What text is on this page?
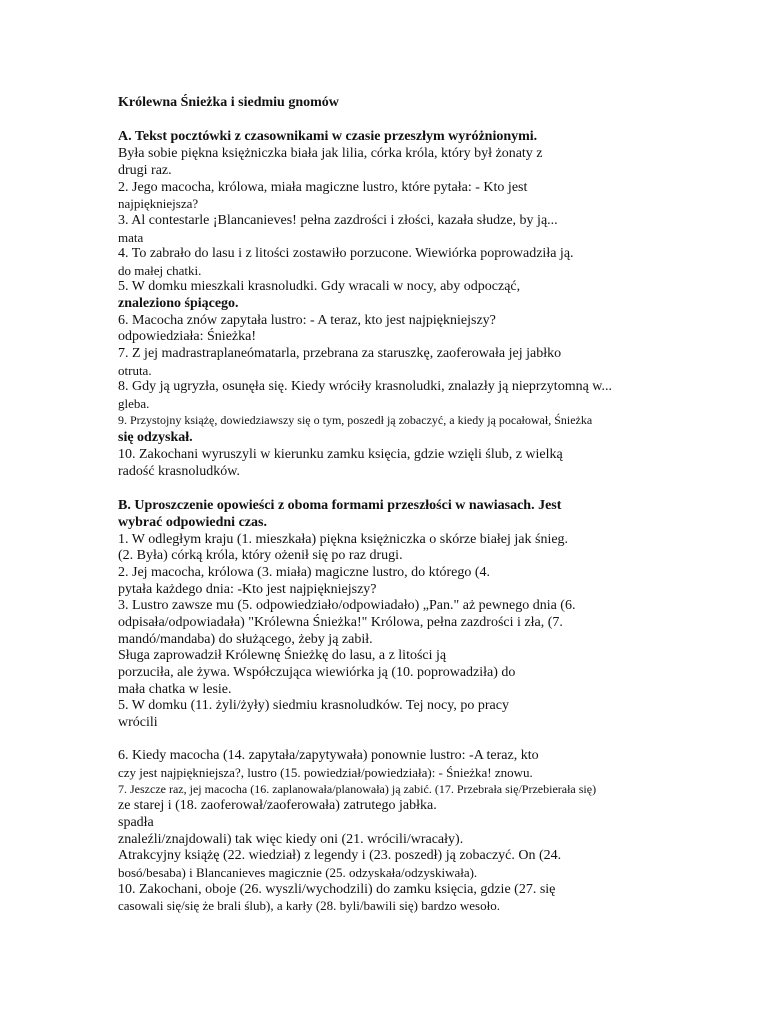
Królewna Śnieżka i siedmiu gnomów
A. Tekst pocztówki z czasownikami w czasie przeszłym wyróżnionymi.
Była sobie piękna księżniczka biała jak lilia, córka króla, który był żonaty z
drugi raz.
2. Jego macocha, królowa, miała magiczne lustro, które pytała: - Kto jest
najpiękniejsza?
3. Al contestarle ¡Blancanieves! pełna zazdrości i złości, kazała słudze, by ją...
mata
4. To zabrało do lasu i z litości zostawiło porzucone. Wiewiórka poprowadziła ją.
do małej chatki.
5. W domku mieszkali krasnoludki. Gdy wracali w nocy, aby odpocząć,
znaleziono śpiącego.
6. Macocha znów zapytała lustro: - A teraz, kto jest najpiękniejszy?
odpowiedziała: Śnieżka!
7. Z jej madrastraplaneómatarla, przebrana za staruszkę, zaoferowała jej jabłko
otruta.
8. Gdy ją ugryzła, osunęła się. Kiedy wróciły krasnoludki, znalazły ją nieprzytomną w...
gleba.
9. Przystojny książę, dowiedziawszy się o tym, poszedł ją zobaczyć, a kiedy ją pocałował, Śnieżka
się odzyskał.
10. Zakochani wyruszyli w kierunku zamku księcia, gdzie wzięli ślub, z wielką
radość krasnoludków.
B. Uproszczenie opowieści z oboma formami przeszłości w nawiasach. Jest
wybrać odpowiedni czas.
1. W odległym kraju (1. mieszkała) piękna księżniczka o skórze białej jak śnieg.
(2. Była) córką króla, który ożenił się po raz drugi.
2. Jej macocha, królowa (3. miała) magiczne lustro, do którego (4.
pytała każdego dnia: -Kto jest najpiękniejszy?
3. Lustro zawsze mu (5. odpowiedziało/odpowiadało) „Pan." aż pewnego dnia (6.
odpisała/odpowiadała) "Królewna Śnieżka!" Królowa, pełna zazdrości i zła, (7.
mandó/mandaba) do służącego, żeby ją zabił.
Sługa zaprowadził Królewnę Śnieżkę do lasu, a z litości ją
porzuciła, ale żywa. Współczująca wiewiórka ją (10. poprowadziła) do
mała chatka w lesie.
5. W domku (11. żyli/żyły) siedmiu krasnoludków. Tej nocy, po pracy
wrócili
6. Kiedy macocha (14. zapytała/zapytywała) ponownie lustro: -A teraz, kto
czy jest najpiękniejsza?, lustro (15. powiedział/powiedziała): - Śnieżka! znowu.
7. Jeszcze raz, jej macocha (16. zaplanowała/planowała) ją zabić. (17. Przebrała się/Przebierała się)
ze starej i (18. zaoferował/zaoferowała) zatrutego jabłka.
spadła
znaleźli/znajdowali) tak więc kiedy oni (21. wrócili/wracały).
Atrakcyjny książę (22. wiedział) z legendy i (23. poszedł) ją zobaczyć. On (24.
bosó/besaba) i Blancanieves magicznie (25. odzyskała/odzyskiwała).
10. Zakochani, oboje (26. wyszli/wychodzili) do zamku księcia, gdzie (27. się
casowali się/się że brali ślub), a karły (28. byli/bawili się) bardzo wesoło.
